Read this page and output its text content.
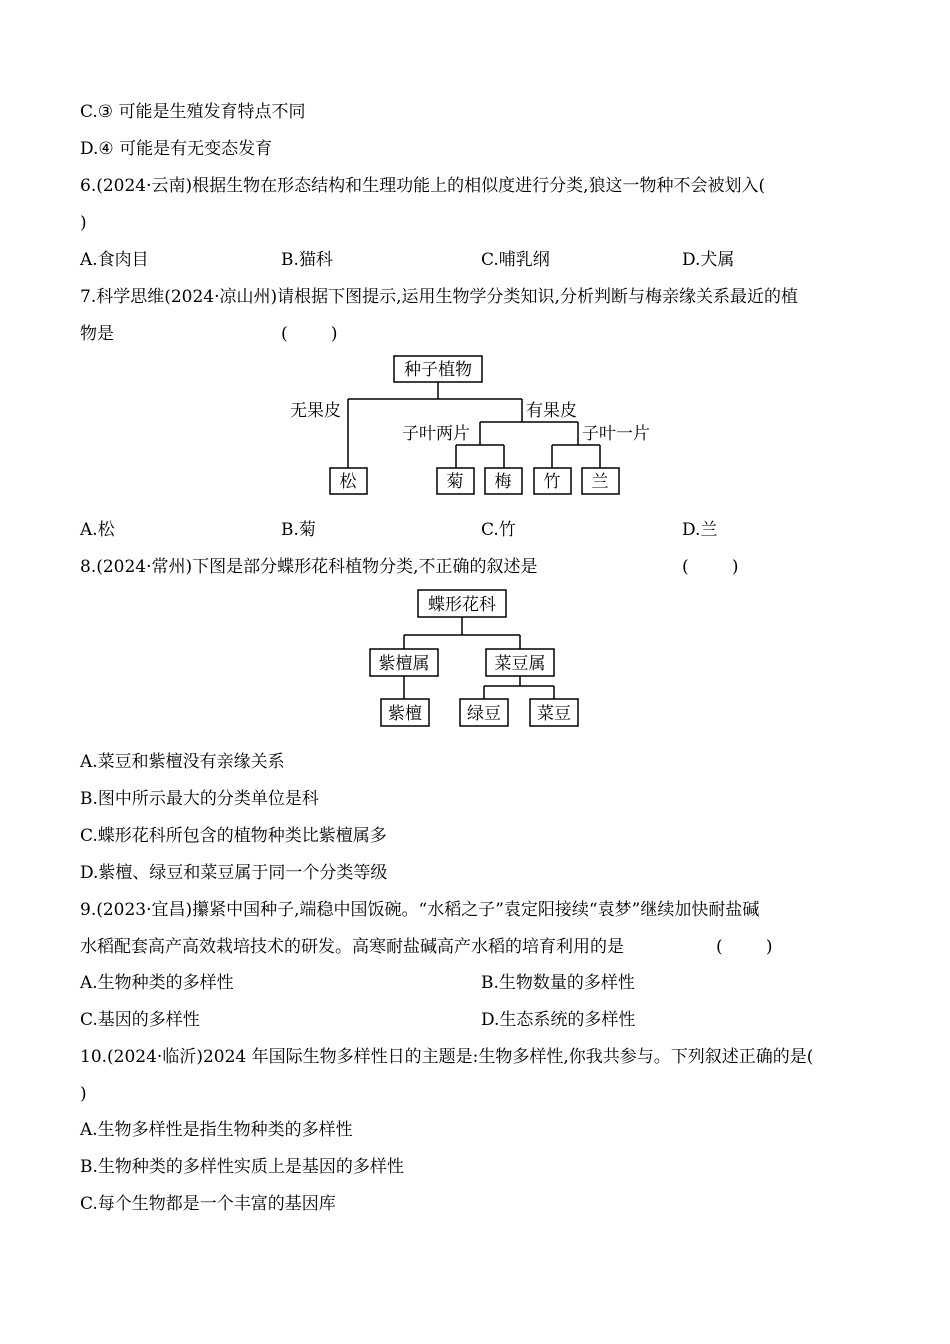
C.③ 可能是生殖发育特点不同
D.④ 可能是有无变态发育
6.(2024·云南)根据生物在形态结构和生理功能上的相似度进行分类,狼这一物种不会被划入(
)
A.食肉目	B.猫科	C.哺乳纲	D.犬属
7.科学思维(2024·凉山州)请根据下图提示,运用生物学分类知识,分析判断与梅亲缘关系最近的植
物是	(        )
种子植物
无果皮	有果皮
子叶两片	子叶一片
松	菊 梅 竹 兰
A.松	B.菊	C.竹	D.兰
8.(2024·常州)下图是部分蝶形花科植物分类,不正确的叙述是	(        )
蝶形花科
紫檀属	菜豆属
紫檀	绿豆 菜豆
A.菜豆和紫檀没有亲缘关系
B.图中所示最大的分类单位是科
C.蝶形花科所包含的植物种类比紫檀属多
D.紫檀、绿豆和菜豆属于同一个分类等级
9.(2023·宜昌)攥紧中国种子,端稳中国饭碗。“水稻之子”袁定阳接续“袁梦”继续加快耐盐碱
水稻配套高产高效栽培技术的研发。高寒耐盐碱高产水稻的培育利用的是	(        )
A.生物种类的多样性	B.生物数量的多样性
C.基因的多样性	D.生态系统的多样性
10.(2024·临沂)2024 年国际生物多样性日的主题是:生物多样性,你我共参与。下列叙述正确的是(
)
A.生物多样性是指生物种类的多样性
B.生物种类的多样性实质上是基因的多样性
C.每个生物都是一个丰富的基因库
